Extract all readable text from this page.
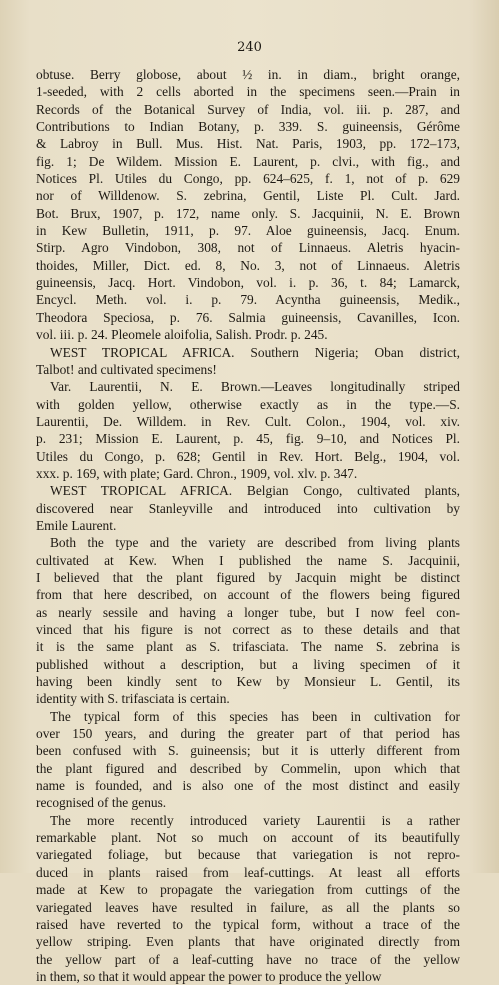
240
obtuse. Berry globose, about ½ in. in diam., bright orange,
1-seeded, with 2 cells aborted in the specimens seen.—Prain in
Records of the Botanical Survey of India, vol. iii. p. 287, and
Contributions to Indian Botany, p. 339. S. guineensis, Gérôme
& Labroy in Bull. Mus. Hist. Nat. Paris, 1903, pp. 172–173,
fig. 1; De Wildem. Mission E. Laurent, p. clvi., with fig., and
Notices Pl. Utiles du Congo, pp. 624–625, f. 1, not of p. 629
nor of Willdenow. S. zebrina, Gentil, Liste Pl. Cult. Jard.
Bot. Brux, 1907, p. 172, name only. S. Jacquinii, N. E. Brown
in Kew Bulletin, 1911, p. 97. Aloe guineensis, Jacq. Enum.
Stirp. Agro Vindobon, 308, not of Linnaeus. Aletris hyacin-
thoides, Miller, Dict. ed. 8, No. 3, not of Linnaeus. Aletris
guineensis, Jacq. Hort. Vindobon, vol. i. p. 36, t. 84; Lamarck,
Encycl. Meth. vol. i. p. 79. Acyntha guineensis, Medik.,
Theodora Speciosa, p. 76. Salmia guineensis, Cavanilles, Icon.
vol. iii. p. 24. Pleomele aloifolia, Salish. Prodr. p. 245.
WEST TROPICAL AFRICA. Southern Nigeria; Oban district,
Talbot! and cultivated specimens!
Var. Laurentii, N. E. Brown.—Leaves longitudinally striped
with golden yellow, otherwise exactly as in the type.—S.
Laurentii, De. Willdem. in Rev. Cult. Colon., 1904, vol. xiv.
p. 231; Mission E. Laurent, p. 45, fig. 9–10, and Notices Pl.
Utiles du Congo, p. 628; Gentil in Rev. Hort. Belg., 1904, vol.
xxx. p. 169, with plate; Gard. Chron., 1909, vol. xlv. p. 347.
WEST TROPICAL AFRICA. Belgian Congo, cultivated plants,
discovered near Stanleyville and introduced into cultivation by
Emile Laurent.
Both the type and the variety are described from living plants
cultivated at Kew. When I published the name S. Jacquinii,
I believed that the plant figured by Jacquin might be distinct
from that here described, on account of the flowers being figured
as nearly sessile and having a longer tube, but I now feel con-
vinced that his figure is not correct as to these details and that
it is the same plant as S. trifasciata. The name S. zebrina is
published without a description, but a living specimen of it
having been kindly sent to Kew by Monsieur L. Gentil, its
identity with S. trifasciata is certain.
The typical form of this species has been in cultivation for
over 150 years, and during the greater part of that period has
been confused with S. guineensis; but it is utterly different from
the plant figured and described by Commelin, upon which that
name is founded, and is also one of the most distinct and easily
recognised of the genus.
The more recently introduced variety Laurentii is a rather
remarkable plant. Not so much on account of its beautifully
variegated foliage, but because that variegation is not repro-
duced in plants raised from leaf-cuttings. At least all efforts
made at Kew to propagate the variegation from cuttings of the
variegated leaves have resulted in failure, as all the plants so
raised have reverted to the typical form, without a trace of the
yellow striping. Even plants that have originated directly from
the yellow part of a leaf-cutting have no trace of the yellow
in them, so that it would appear the power to produce the yellow
